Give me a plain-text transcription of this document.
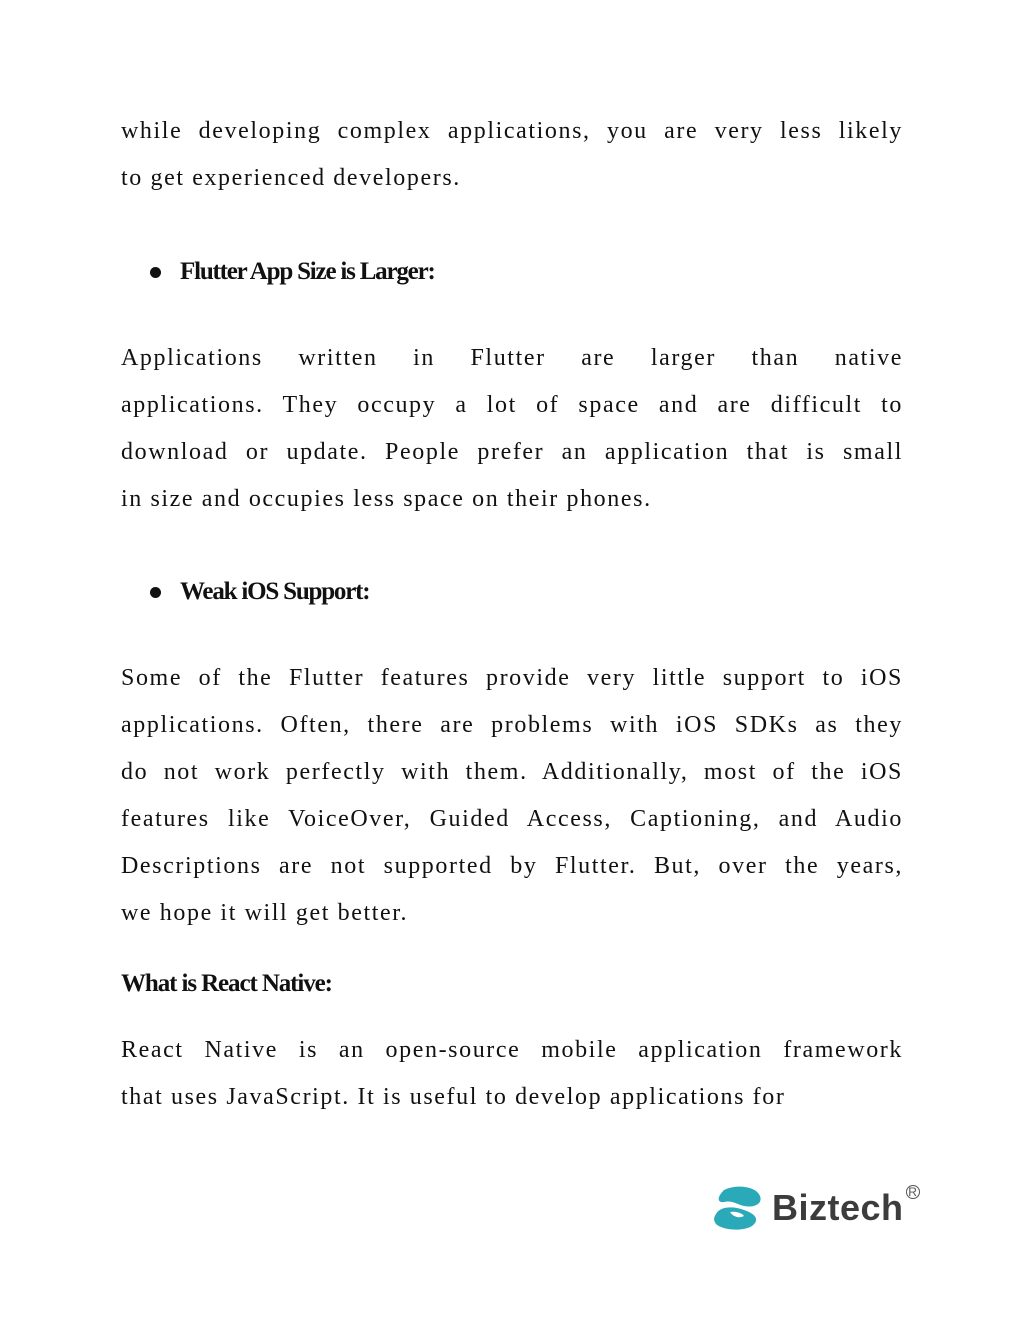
while developing complex applications, you are very less likely
to get experienced developers.
Flutter App Size is Larger:
Applications written in Flutter are larger than native
applications. They occupy a lot of space and are difficult to
download or update. People prefer an application that is small
in size and occupies less space on their phones.
Weak iOS Support:
Some of the Flutter features provide very little support to iOS
applications. Often, there are problems with iOS SDKs as they
do not work perfectly with them. Additionally, most of the iOS
features like VoiceOver, Guided Access, Captioning, and Audio
Descriptions are not supported by Flutter. But, over the years,
we hope it will get better.
What is React Native:
React Native is an open-source mobile application framework
that uses JavaScript. It is useful to develop applications for
Biztech R
